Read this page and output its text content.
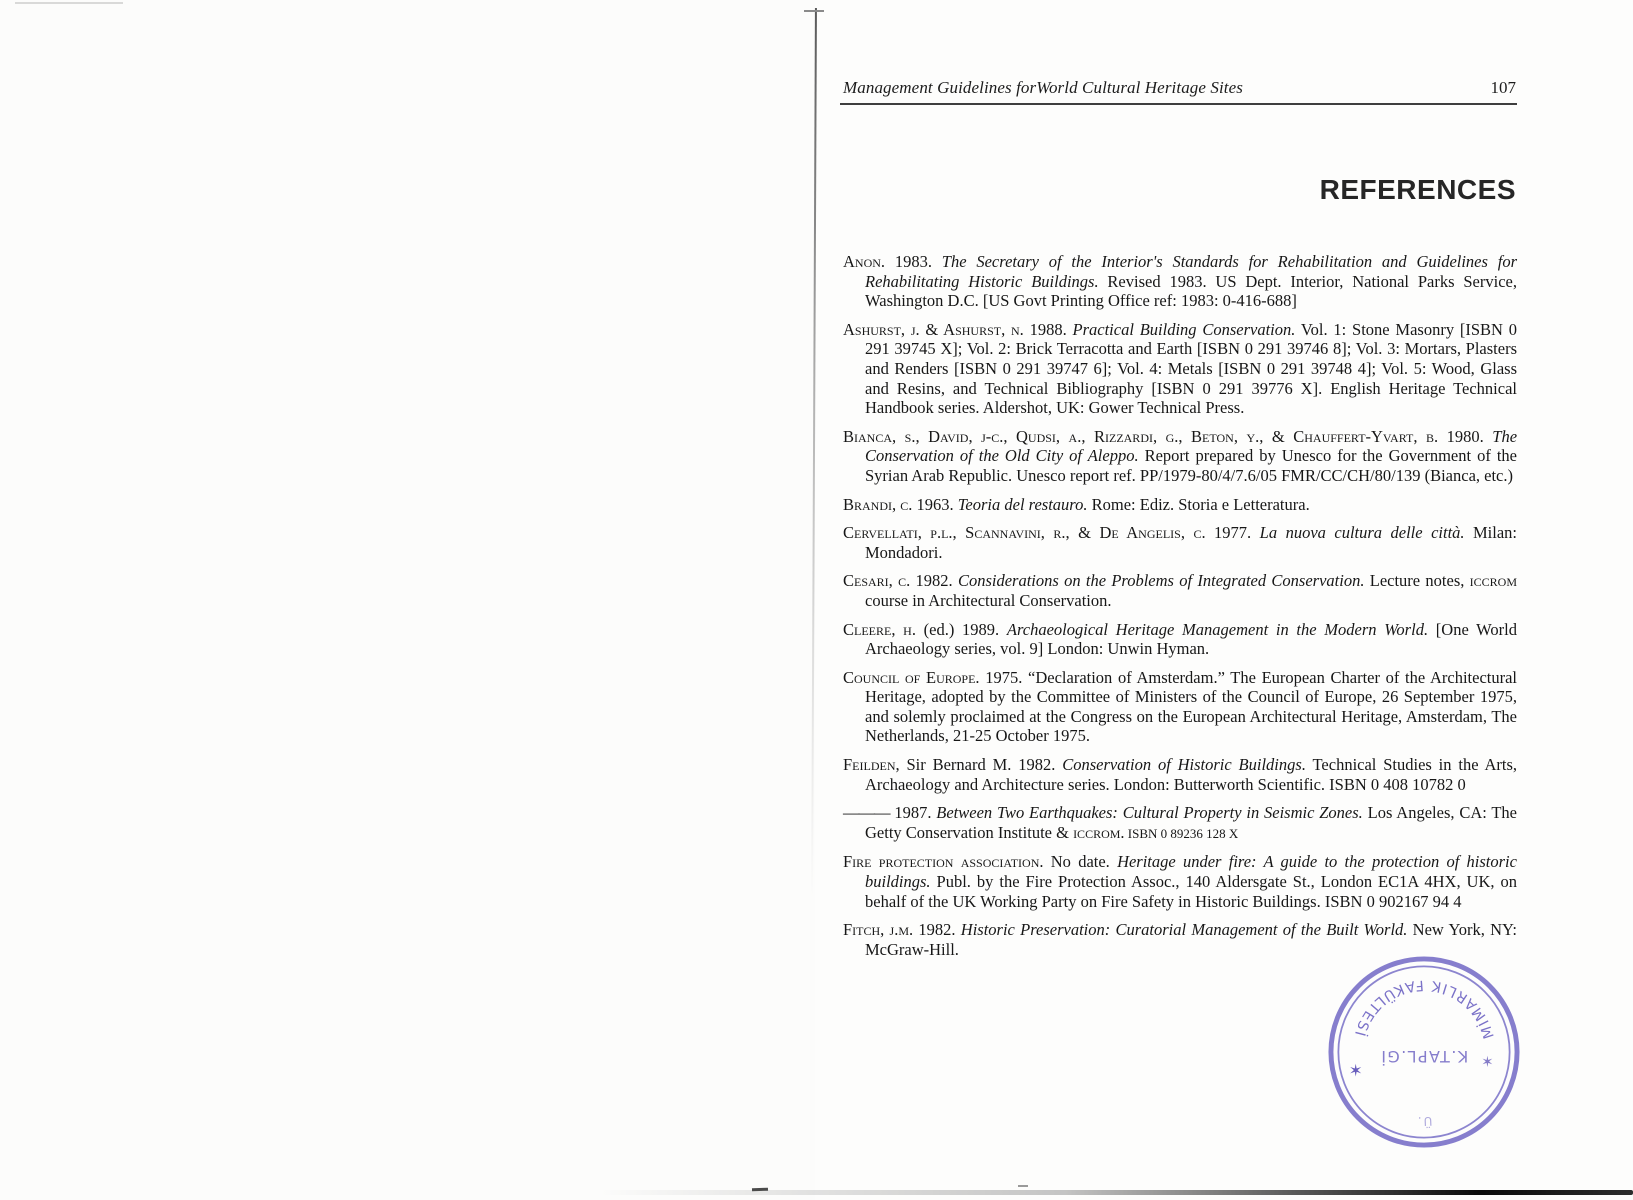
Management Guidelines forWorld Cultural Heritage Sites	107
REFERENCES

Anon. 1983. The Secretary of the Interior's Standards for Rehabilitation and Guidelines for Rehabilitating Historic Buildings. Revised 1983. US Dept. Interior, National Parks Service, Washington D.C. [US Govt Printing Office ref: 1983: 0-416-688]

Ashurst, j. & Ashurst, n. 1988. Practical Building Conservation. Vol. 1: Stone Masonry [ISBN 0 291 39745 X]; Vol. 2: Brick Terracotta and Earth [ISBN 0 291 39746 8]; Vol. 3: Mortars, Plasters and Renders [ISBN 0 291 39747 6]; Vol. 4: Metals [ISBN 0 291 39748 4]; Vol. 5: Wood, Glass and Resins, and Technical Bibliography [ISBN 0 291 39776 X]. English Heritage Technical Handbook series. Aldershot, UK: Gower Technical Press.

Bianca, s., David, j-c., Qudsi, a., Rizzardi, g., Beton, y., & Chauffert-Yvart, b. 1980. The Conservation of the Old City of Aleppo. Report prepared by Unesco for the Government of the Syrian Arab Republic. Unesco report ref. PP/1979-80/4/7.6/05 FMR/CC/CH/80/139 (Bianca, etc.)

Brandi, c. 1963. Teoria del restauro. Rome: Ediz. Storia e Letteratura.

Cervellati, p.l., Scannavini, r., & De Angelis, c. 1977. La nuova cultura delle città. Milan: Mondadori.

Cesari, c. 1982. Considerations on the Problems of Integrated Conservation. Lecture notes, iccrom course in Architectural Conservation.

Cleere, h. (ed.) 1989. Archaeological Heritage Management in the Modern World. [One World Archaeology series, vol. 9] London: Unwin Hyman.

Council of Europe. 1975. “Declaration of Amsterdam.” The European Charter of the Architectural Heritage, adopted by the Committee of Ministers of the Council of Europe, 26 September 1975, and solemly proclaimed at the Congress on the European Architectural Heritage, Amsterdam, The Netherlands, 21-25 October 1975.

Feilden, Sir Bernard M. 1982. Conservation of Historic Buildings. Technical Studies in the Arts, Archaeology and Architecture series. London: Butterworth Scientific. ISBN 0 408 10782 0

——— 1987. Between Two Earthquakes: Cultural Property in Seismic Zones. Los Angeles, CA: The Getty Conservation Institute & iccrom. ISBN 0 89236 128 X

Fire protection association. No date. Heritage under fire: A guide to the protection of historic buildings. Publ. by the Fire Protection Assoc., 140 Aldersgate St., London EC1A 4HX, UK, on behalf of the UK Working Party on Fire Safety in Historic Buildings. ISBN 0 902167 94 4

Fitch, j.m. 1982. Historic Preservation: Curatorial Management of the Built World. New York, NY: McGraw-Hill.

MİMARLIK FAKÜLTESİ
Ü.
K.TAPL.Gİ
✶	✶
